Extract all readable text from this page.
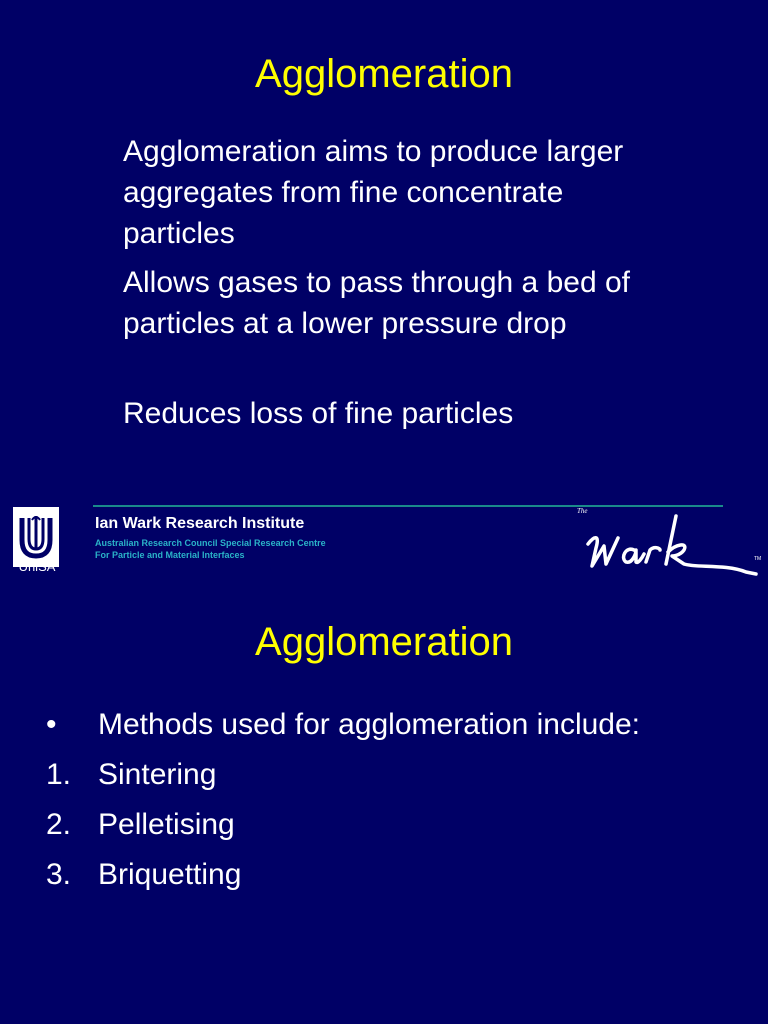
Agglomeration
Agglomeration aims to produce larger aggregates from fine concentrate particles
Allows gases to pass through a bed of particles at a lower pressure drop
Reduces loss of fine particles
UniSA
Ian Wark Research Institute
Australian Research Council Special Research Centre
For Particle and Material Interfaces
The
TM
Agglomeration
• Methods used for agglomeration include:
1. Sintering
2. Pelletising
3. Briquetting
